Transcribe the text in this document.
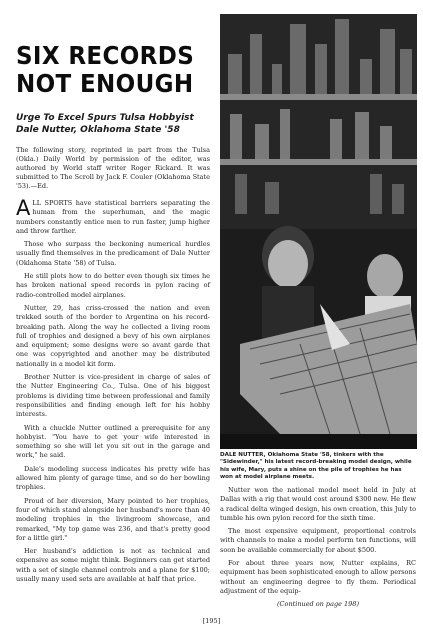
SIX RECORDS NOT ENOUGH
Urge To Excel Spurs Tulsa Hobbyist Dale Nutter, Oklahoma State '58
The following story, reprinted in part from the Tulsa (Okla.) Daily World by permission of the editor, was authored by World staff writer Roger Rickard. It was submitted to The Scroll by Jack F. Couler (Oklahoma State '53).—Ed.

ALL SPORTS have statistical barriers separating the human from the superhuman, and the magic numbers constantly entice men to run faster, jump higher and throw farther.

Those who surpass the beckoning numerical hurdles usually find themselves in the predicament of Dale Nutter (Oklahoma State '58) of Tulsa.

He still plots how to do better even though six times he has broken national speed records in pylon racing of radio-controlled model airplanes.

Nutter, 29, has criss-crossed the nation and even trekked south of the border to Argentina on his record-breaking path. Along the way he collected a living room full of trophies and designed a bevy of his own airplanes and equipment; some designs were so avant garde that one was copyrighted and another may be distributed nationally in a model kit form.

Brother Nutter is vice-president in charge of sales of the Nutter Engineering Co., Tulsa. One of his biggest problems is dividing time between professional and family responsibilities and finding enough left for his hobby interests.

With a chuckle Nutter outlined a prerequisite for any hobbyist. "You have to get your wife interested in something so she will let you sit out in the garage and work," he said.

Dale's modeling success indicates his pretty wife has allowed him plenty of garage time, and so do her bowling trophies.

Proud of her diversion, Mary pointed to her trophies, four of which stand alongside her husband's more than 40 modeling trophies in the livingroom showcase, and remarked, "My top game was 236, and that's pretty good for a little girl."

Her husband's addiction is not as technical and expensive as some might think. Beginners can get started with a set of single channel controls and a plane for $100; usually many used sets are available at half that price.

DALE NUTTER, Oklahoma State '58, tinkers with the "Sidewinder," his latest record-breaking model design, while his wife, Mary, puts a shine on the pile of trophies he has won at model airplane meets.

Nutter won the national model meet held in July at Dallas with a rig that would cost around $300 new. He flew a radical delta winged design, his own creation, this July to tumble his own pylon record for the sixth time.

The most expensive equipment, proportional controls with channels to make a model perform ten functions, will soon be available commercially for about $500.

For about three years now, Nutter explains, RC equipment has been sophisticated enough to allow persons without an engineering degree to fly them. Periodical adjustment of the equip-

(Continued on page 198)
[195]
